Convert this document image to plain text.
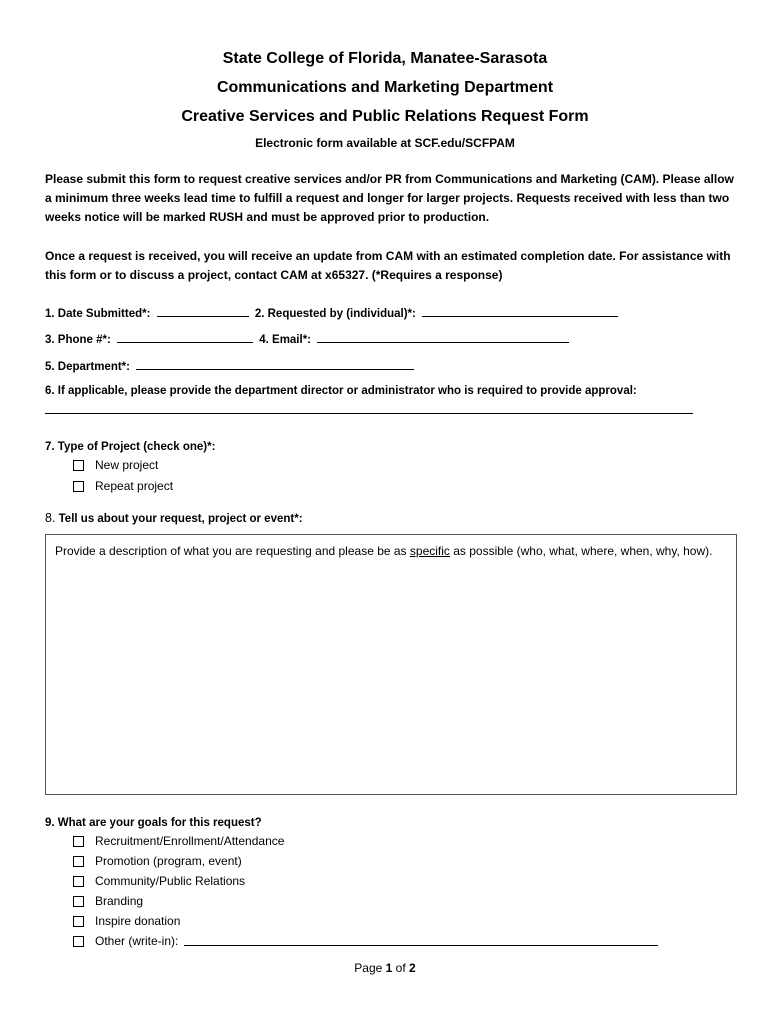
State College of Florida, Manatee-Sarasota
Communications and Marketing Department
Creative Services and Public Relations Request Form
Electronic form available at SCF.edu/SCFPAM
Please submit this form to request creative services and/or PR from Communications and Marketing (CAM). Please allow a minimum three weeks lead time to fulfill a request and longer for larger projects. Requests received with less than two weeks notice will be marked RUSH and must be approved prior to production.
Once a request is received, you will receive an update from CAM with an estimated completion date. For assistance with this form or to discuss a project, contact CAM at x65327. (*Requires a response)
1. Date Submitted*:	2. Requested by (individual)*:
3. Phone #*:	4. Email*:
5. Department*:
6. If applicable, please provide the department director or administrator who is required to provide approval:
7. Type of Project (check one)*:
New project
Repeat project
8. Tell us about your request, project or event*:
Provide a description of what you are requesting and please be as specific as possible (who, what, where, when, why, how).
9. What are your goals for this request?
Recruitment/Enrollment/Attendance
Promotion (program, event)
Community/Public Relations
Branding
Inspire donation
Other (write-in):
Page 1 of 2
